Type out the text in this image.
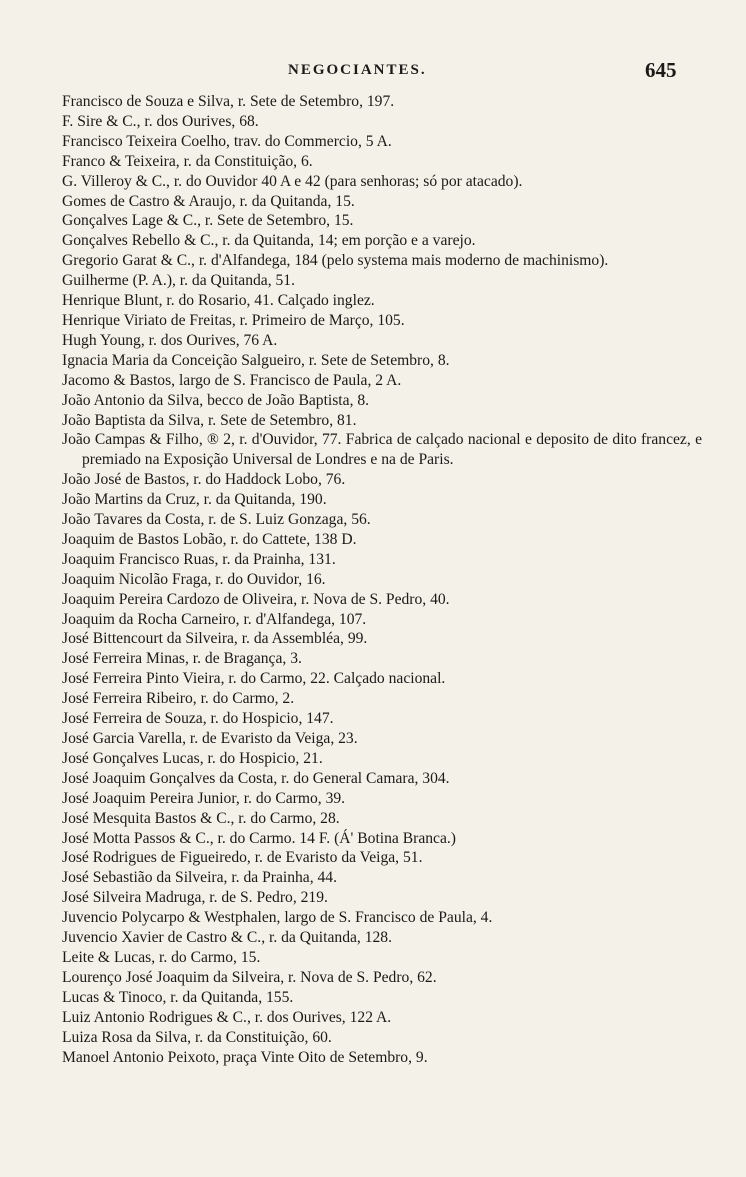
NEGOCIANTES.	645
Francisco de Souza e Silva, r. Sete de Setembro, 197.
F. Sire & C., r. dos Ourives, 68.
Francisco Teixeira Coelho, trav. do Commercio, 5 A.
Franco & Teixeira, r. da Constituição, 6.
G. Villeroy & C., r. do Ouvidor 40 A e 42 (para senhoras; só por atacado).
Gomes de Castro & Araujo, r. da Quitanda, 15.
Gonçalves Lage & C., r. Sete de Setembro, 15.
Gonçalves Rebello & C., r. da Quitanda, 14; em porção e a varejo.
Gregorio Garat & C., r. d'Alfandega, 184 (pelo systema mais moderno de machinismo).
Guilherme (P. A.), r. da Quitanda, 51.
Henrique Blunt, r. do Rosario, 41. Calçado inglez.
Henrique Viriato de Freitas, r. Primeiro de Março, 105.
Hugh Young, r. dos Ourives, 76 A.
Ignacia Maria da Conceição Salgueiro, r. Sete de Setembro, 8.
Jacomo & Bastos, largo de S. Francisco de Paula, 2 A.
João Antonio da Silva, becco de João Baptista, 8.
João Baptista da Silva, r. Sete de Setembro, 81.
João Campas & Filho, ® 2, r. d'Ouvidor, 77. Fabrica de calçado nacional e deposito de dito francez, e premiado na Exposição Universal de Londres e na de Paris.
João José de Bastos, r. do Haddock Lobo, 76.
João Martins da Cruz, r. da Quitanda, 190.
João Tavares da Costa, r. de S. Luiz Gonzaga, 56.
Joaquim de Bastos Lobão, r. do Cattete, 138 D.
Joaquim Francisco Ruas, r. da Prainha, 131.
Joaquim Nicolão Fraga, r. do Ouvidor, 16.
Joaquim Pereira Cardozo de Oliveira, r. Nova de S. Pedro, 40.
Joaquim da Rocha Carneiro, r. d'Alfandega, 107.
José Bittencourt da Silveira, r. da Assembléa, 99.
José Ferreira Minas, r. de Bragança, 3.
José Ferreira Pinto Vieira, r. do Carmo, 22. Calçado nacional.
José Ferreira Ribeiro, r. do Carmo, 2.
José Ferreira de Souza, r. do Hospicio, 147.
José Garcia Varella, r. de Evaristo da Veiga, 23.
José Gonçalves Lucas, r. do Hospicio, 21.
José Joaquim Gonçalves da Costa, r. do General Camara, 304.
José Joaquim Pereira Junior, r. do Carmo, 39.
José Mesquita Bastos & C., r. do Carmo, 28.
José Motta Passos & C., r. do Carmo. 14 F. (Á' Botina Branca.)
José Rodrigues de Figueiredo, r. de Evaristo da Veiga, 51.
José Sebastião da Silveira, r. da Prainha, 44.
José Silveira Madruga, r. de S. Pedro, 219.
Juvencio Polycarpo & Westphalen, largo de S. Francisco de Paula, 4.
Juvencio Xavier de Castro & C., r. da Quitanda, 128.
Leite & Lucas, r. do Carmo, 15.
Lourenço José Joaquim da Silveira, r. Nova de S. Pedro, 62.
Lucas & Tinoco, r. da Quitanda, 155.
Luiz Antonio Rodrigues & C., r. dos Ourives, 122 A.
Luiza Rosa da Silva, r. da Constituição, 60.
Manoel Antonio Peixoto, praça Vinte Oito de Setembro, 9.
